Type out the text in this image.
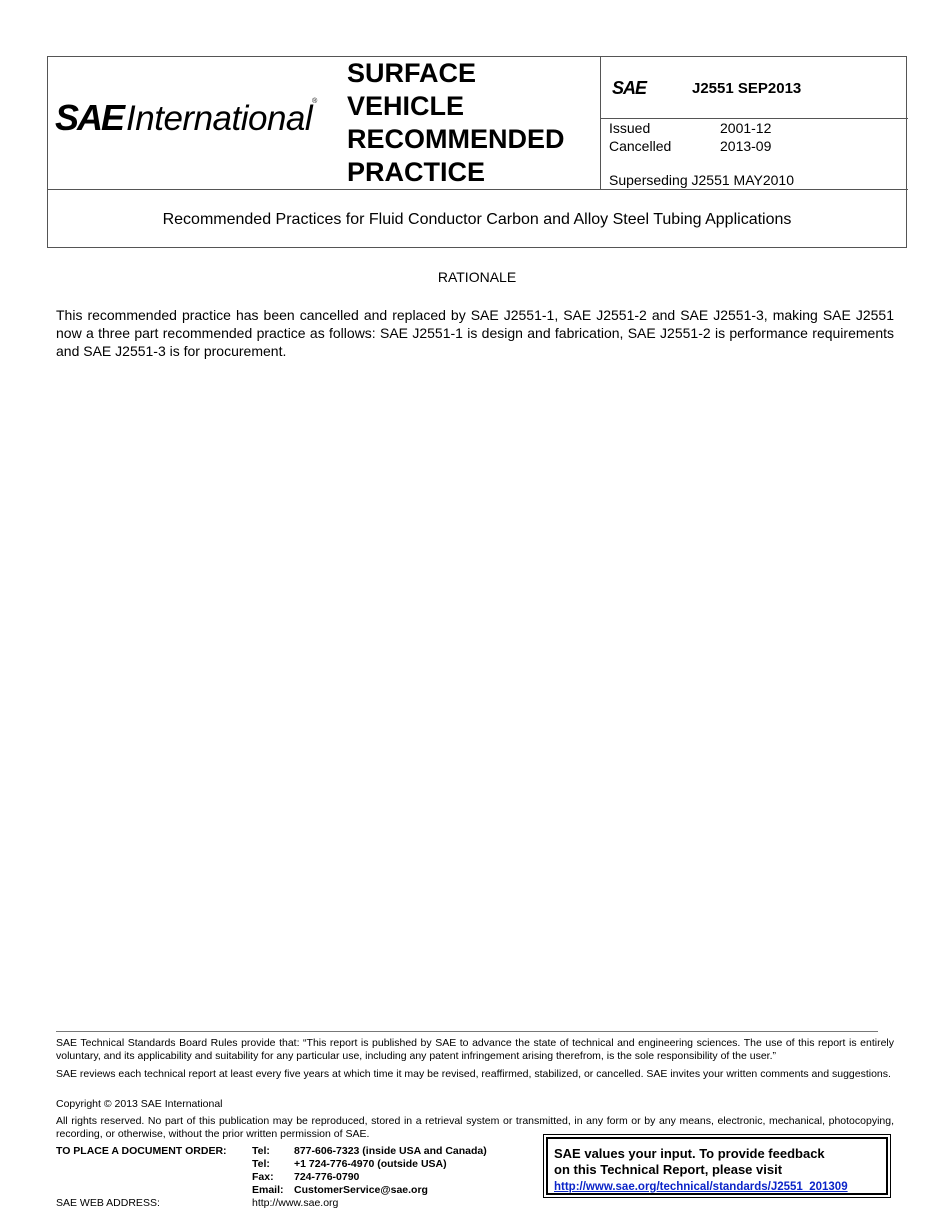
SAE International ®
SURFACE
VEHICLE
RECOMMENDED
PRACTICE
SAE	J2551 SEP2013
Issued	2001-12
Cancelled	2013-09
Superseding J2551 MAY2010
Recommended Practices for Fluid Conductor Carbon and Alloy Steel Tubing Applications
RATIONALE
This recommended practice has been cancelled and replaced by SAE J2551-1, SAE J2551-2 and SAE J2551-3, making SAE J2551 now a three part recommended practice as follows: SAE J2551-1 is design and fabrication, SAE J2551-2 is performance requirements and SAE J2551-3 is for procurement.
SAE Technical Standards Board Rules provide that: “This report is published by SAE to advance the state of technical and engineering sciences. The use of this report is entirely voluntary, and its applicability and suitability for any particular use, including any patent infringement arising therefrom, is the sole responsibility of the user.”
SAE reviews each technical report at least every five years at which time it may be revised, reaffirmed, stabilized, or cancelled. SAE invites your written comments and suggestions.
Copyright © 2013 SAE International
All rights reserved. No part of this publication may be reproduced, stored in a retrieval system or transmitted, in any form or by any means, electronic, mechanical, photocopying, recording, or otherwise, without the prior written permission of SAE.
TO PLACE A DOCUMENT ORDER: Tel: 877-606-7323 (inside USA and Canada)
Tel: +1 724-776-4970 (outside USA)
Fax: 724-776-0790
Email: CustomerService@sae.org
SAE WEB ADDRESS:	http://www.sae.org
SAE values your input. To provide feedback
on this Technical Report, please visit
http://www.sae.org/technical/standards/J2551_201309
